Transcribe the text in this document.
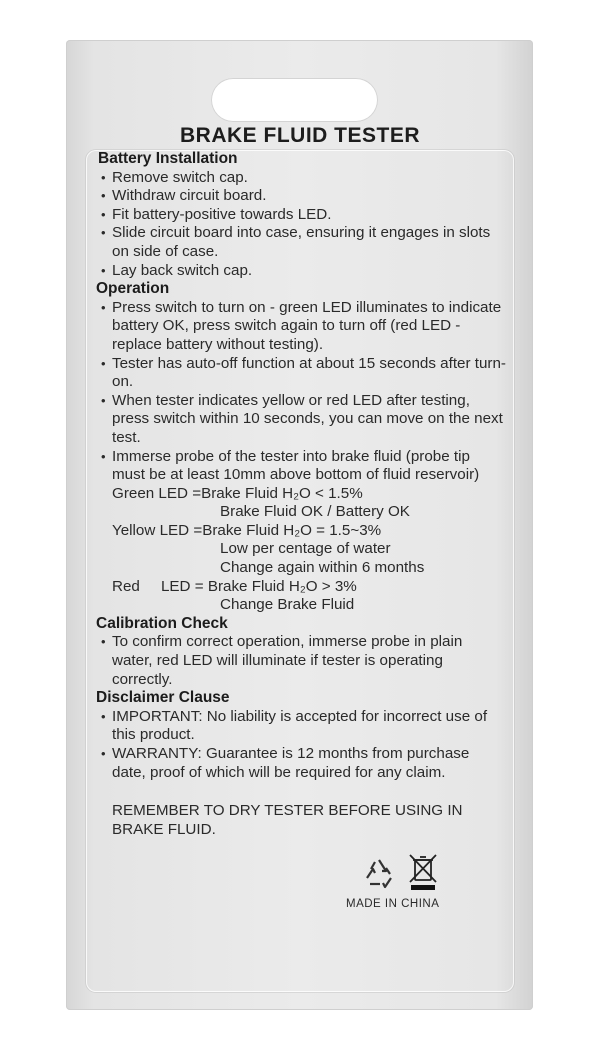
BRAKE FLUID TESTER
Battery Installation
• Remove switch cap.
• Withdraw circuit board.
• Fit battery-positive towards LED.
• Slide circuit board into case, ensuring it engages in slots on side of case.
• Lay back switch cap.
Operation
• Press switch to turn on - green LED illuminates to indicate battery OK, press switch again to turn off (red LED - replace battery without testing).
• Tester has auto-off function at about 15 seconds after turn-on.
• When tester indicates yellow or red LED after testing, press switch within 10 seconds, you can move on the next test.
• Immerse probe of the tester into brake fluid (probe tip must be at least 10mm above bottom of fluid reservoir)
Green LED =Brake Fluid H₂O < 1.5%
Brake Fluid OK / Battery OK
Yellow LED =Brake Fluid H₂O = 1.5~3%
Low per centage of water
Change again within 6 months
Red     LED = Brake Fluid H₂O > 3%
Change Brake Fluid
Calibration Check
• To confirm correct operation, immerse probe in plain water, red LED will illuminate if tester is operating correctly.
Disclaimer Clause
• IMPORTANT: No liability is accepted for incorrect use of this product.
• WARRANTY: Guarantee is 12 months from purchase date, proof of which will be required for any claim.
REMEMBER TO DRY TESTER BEFORE USING IN BRAKE FLUID.
MADE IN CHINA
